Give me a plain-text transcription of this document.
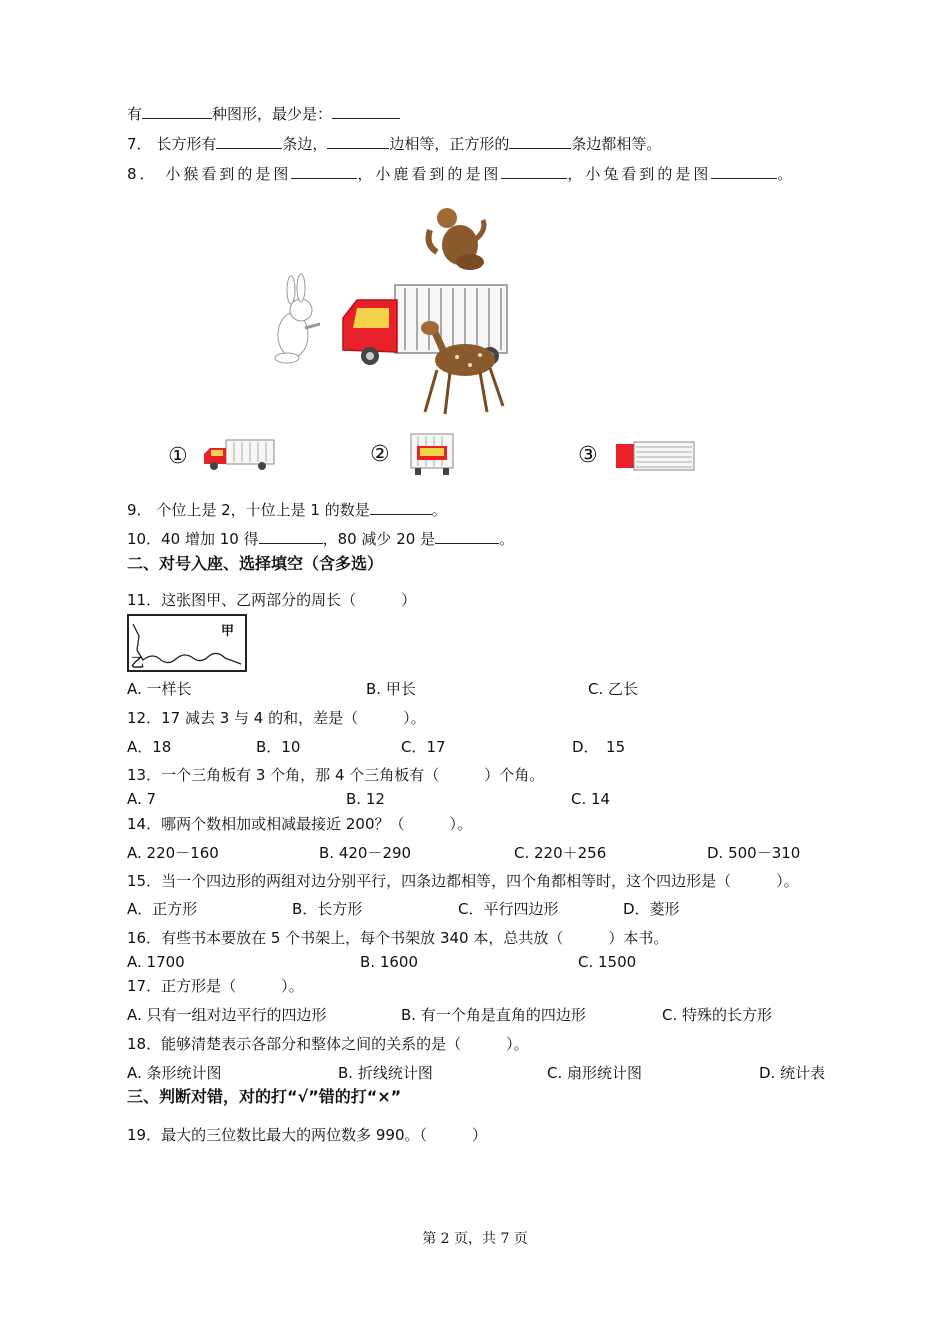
有	种图形，最少是：
7． 长方形有	条边，	边相等，正方形的	条边都相等。
8． 小猴看到的是图	，小鹿看到的是图	，小兔看到的是图	。
①	②	③
9． 个位上是 2，十位上是 1 的数是	。
10．40 增加 10 得	，80 减少 20 是	。
二、对号入座、选择填空（含多选）
11．这张图甲、乙两部分的周长（　　　）
甲
乙
A. 一样长	B. 甲长	C. 乙长
12．17 减去 3 与 4 的和，差是（　　　）。
A．18	B．10	C．17	D．　15
13．一个三角板有 3 个角，那 4 个三角板有（　　　）个角。
A. 7	B. 12	C. 14
14．哪两个数相加或相减最接近 200？（　　　）。
A. 220－160	B. 420－290	C. 220＋256	D. 500－310
15．当一个四边形的两组对边分别平行，四条边都相等，四个角都相等时，这个四边形是（　　　）。
A．正方形	B．长方形	C．平行四边形	D．菱形
16．有些书本要放在 5 个书架上，每个书架放 340 本，总共放（　　　）本书。
A. 1700	B. 1600	C. 1500
17．正方形是（　　　）。
A. 只有一组对边平行的四边形	B. 有一个角是直角的四边形	C. 特殊的长方形
18．能够清楚表示各部分和整体之间的关系的是（　　　）。
A. 条形统计图	B. 折线统计图	C. 扇形统计图	D. 统计表
三、判断对错，对的打“√”错的打“×”
19．最大的三位数比最大的两位数多 990。（　　　）
第 2 页，共 7 页
